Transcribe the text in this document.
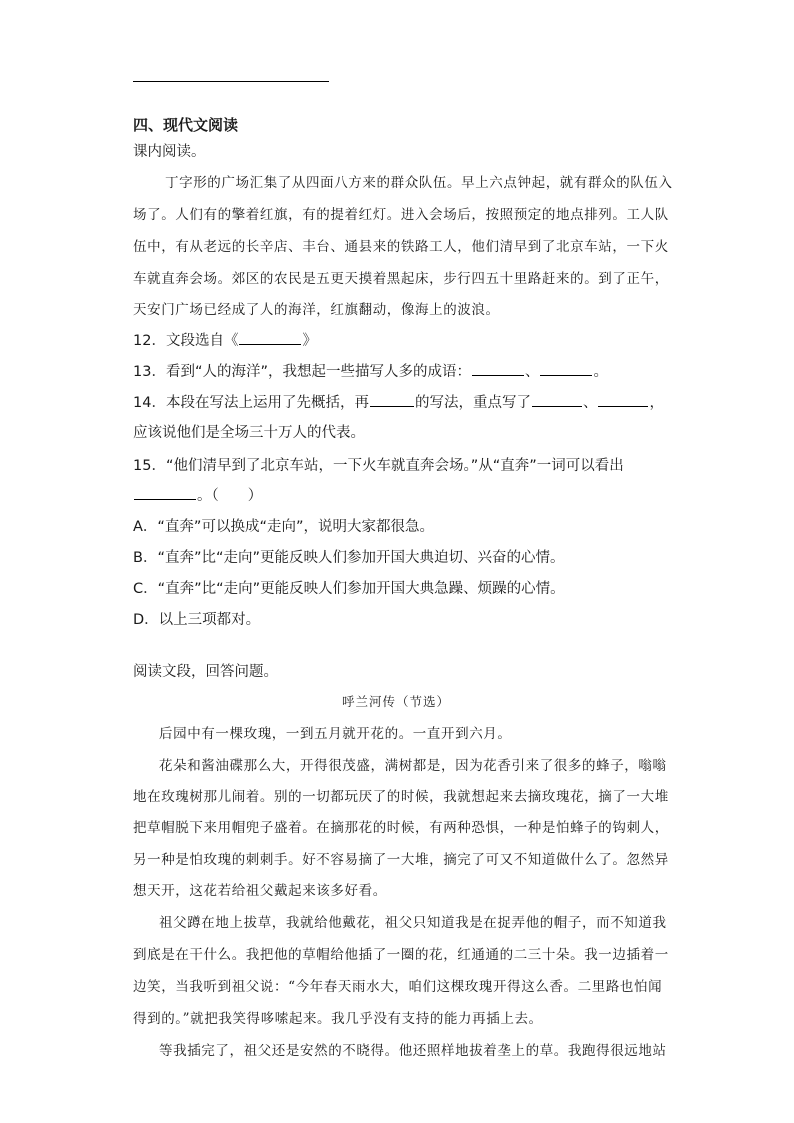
四、现代文阅读
课内阅读。
丁字形的广场汇集了从四面八方来的群众队伍。早上六点钟起，就有群众的队伍入
场了。人们有的擎着红旗，有的提着红灯。进入会场后，按照预定的地点排列。工人队
伍中，有从老远的长辛店、丰台、通县来的铁路工人，他们清早到了北京车站，一下火
车就直奔会场。郊区的农民是五更天摸着黑起床，步行四五十里路赶来的。到了正午，
天安门广场已经成了人的海洋，红旗翻动，像海上的波浪。
12．文段选自《	》
13．看到“人的海洋”，我想起一些描写人多的成语：	、	。
14．本段在写法上运用了先概括，再	的写法，重点写了	、	，
应该说他们是全场三十万人的代表。
15．“他们清早到了北京车站，一下火车就直奔会场。”从“直奔”一词可以看出
。（　　）
A．“直奔”可以换成“走向”，说明大家都很急。
B．“直奔”比“走向”更能反映人们参加开国大典迫切、兴奋的心情。
C．“直奔”比“走向”更能反映人们参加开国大典急躁、烦躁的心情。
D．以上三项都对。
阅读文段，回答问题。
呼兰河传（节选）
后园中有一棵玫瑰，一到五月就开花的。一直开到六月。
花朵和酱油碟那么大，开得很茂盛，满树都是，因为花香引来了很多的蜂子，嗡嗡
地在玫瑰树那儿闹着。别的一切都玩厌了的时候，我就想起来去摘玫瑰花，摘了一大堆
把草帽脱下来用帽兜子盛着。在摘那花的时候，有两种恐惧，一种是怕蜂子的钩刺人，
另一种是怕玫瑰的刺刺手。好不容易摘了一大堆，摘完了可又不知道做什么了。忽然异
想天开，这花若给祖父戴起来该多好看。
祖父蹲在地上拔草，我就给他戴花，祖父只知道我是在捉弄他的帽子，而不知道我
到底是在干什么。我把他的草帽给他插了一圈的花，红通通的二三十朵。我一边插着一
边笑，当我听到祖父说：“今年春天雨水大，咱们这棵玫瑰开得这么香。二里路也怕闻
得到的。”就把我笑得哆嗦起来。我几乎没有支持的能力再插上去。
等我插完了，祖父还是安然的不晓得。他还照样地拔着垄上的草。我跑得很远地站
